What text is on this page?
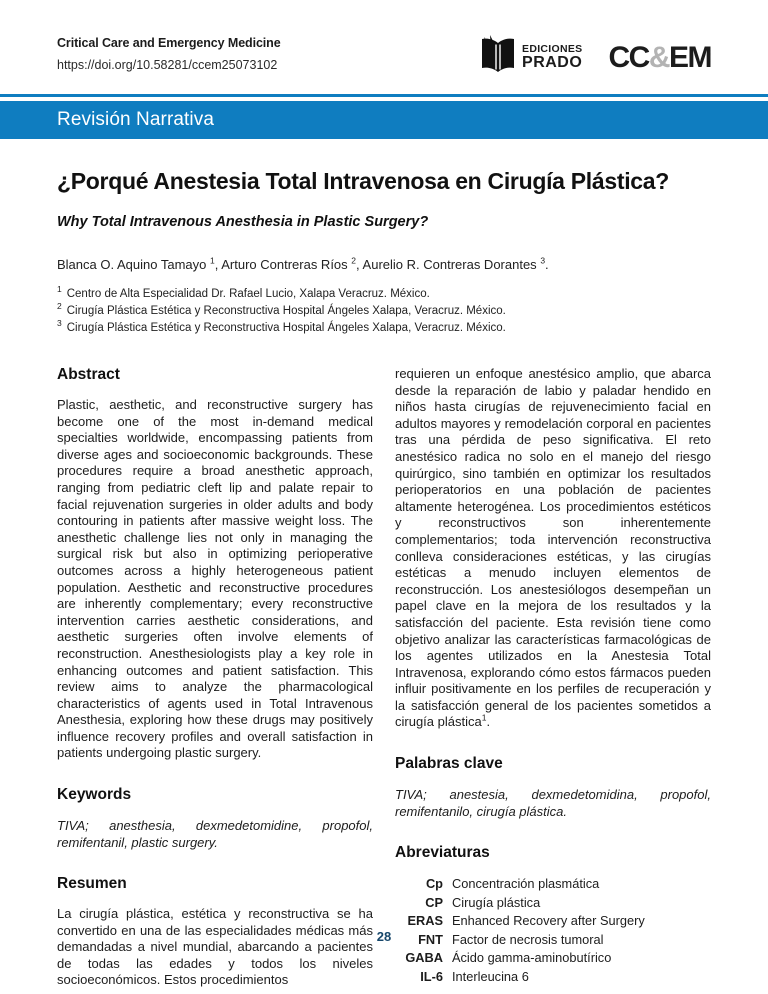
Critical Care and Emergency Medicine
https://doi.org/10.58281/ccem25073102
EDICIONES
PRADO CC&EM
Revisión Narrativa
¿Porqué Anestesia Total Intravenosa en Cirugía Plástica?
Why Total Intravenous Anesthesia in Plastic Surgery?
Blanca O. Aquino Tamayo $^1$, Arturo Contreras Ríos $^2$, Aurelio R. Contreras Dorantes $^3$.
$^1$ Centro de Alta Especialidad Dr. Rafael Lucio, Xalapa Veracruz. México.
$^2$ Cirugía Plástica Estética y Reconstructiva Hospital Ángeles Xalapa, Veracruz. México.
$^3$ Cirugía Plástica Estética y Reconstructiva Hospital Ángeles Xalapa, Veracruz. México.
Abstract

Plastic, aesthetic, and reconstructive surgery has become one of the most in-demand medical specialties worldwide, encompassing patients from diverse ages and socioeconomic backgrounds. These procedures require a broad anesthetic approach, ranging from pediatric cleft lip and palate repair to facial rejuvenation surgeries in older adults and body contouring in patients after massive weight loss. The anesthetic challenge lies not only in managing the surgical risk but also in optimizing perioperative outcomes across a highly heterogeneous patient population. Aesthetic and reconstructive procedures are inherently complementary; every reconstructive intervention carries aesthetic considerations, and aesthetic surgeries often involve elements of reconstruction. Anesthesiologists play a key role in enhancing outcomes and patient satisfaction. This review aims to analyze the pharmacological characteristics of agents used in Total Intravenous Anesthesia, exploring how these drugs may positively influence recovery profiles and overall satisfaction in patients undergoing plastic surgery.

Keywords

TIVA; anesthesia, dexmedetomidine, propofol, remifentanil, plastic surgery.

Resumen

La cirugía plástica, estética y reconstructiva se ha convertido en una de las especialidades médicas más demandadas a nivel mundial, abarcando a pacientes de todas las edades y todos los niveles socioeconómicos. Estos procedimientos

requieren un enfoque anestésico amplio, que abarca desde la reparación de labio y paladar hendido en niños hasta cirugías de rejuvenecimiento facial en adultos mayores y remodelación corporal en pacientes tras una pérdida de peso significativa. El reto anestésico radica no solo en el manejo del riesgo quirúrgico, sino también en optimizar los resultados perioperatorios en una población de pacientes altamente heterogénea. Los procedimientos estéticos y reconstructivos son inherentemente complementarios; toda intervención reconstructiva conlleva consideraciones estéticas, y las cirugías estéticas a menudo incluyen elementos de reconstrucción. Los anestesiólogos desempeñan un papel clave en la mejora de los resultados y la satisfacción del paciente. Esta revisión tiene como objetivo analizar las características farmacológicas de los agentes utilizados en la Anestesia Total Intravenosa, explorando cómo estos fármacos pueden influir positivamente en los perfiles de recuperación y la satisfacción general de los pacientes sometidos a cirugía plástica$^1$.

Palabras clave

TIVA; anestesia, dexmedetomidina, propofol, remifentanilo, cirugía plástica.

Abreviaturas
Cp Concentración plasmática
CP Cirugía plástica
ERAS Enhanced Recovery after Surgery
FNT Factor de necrosis tumoral
GABA Ácido gamma-aminobutírico
IL-6 Interleucina 6
28
